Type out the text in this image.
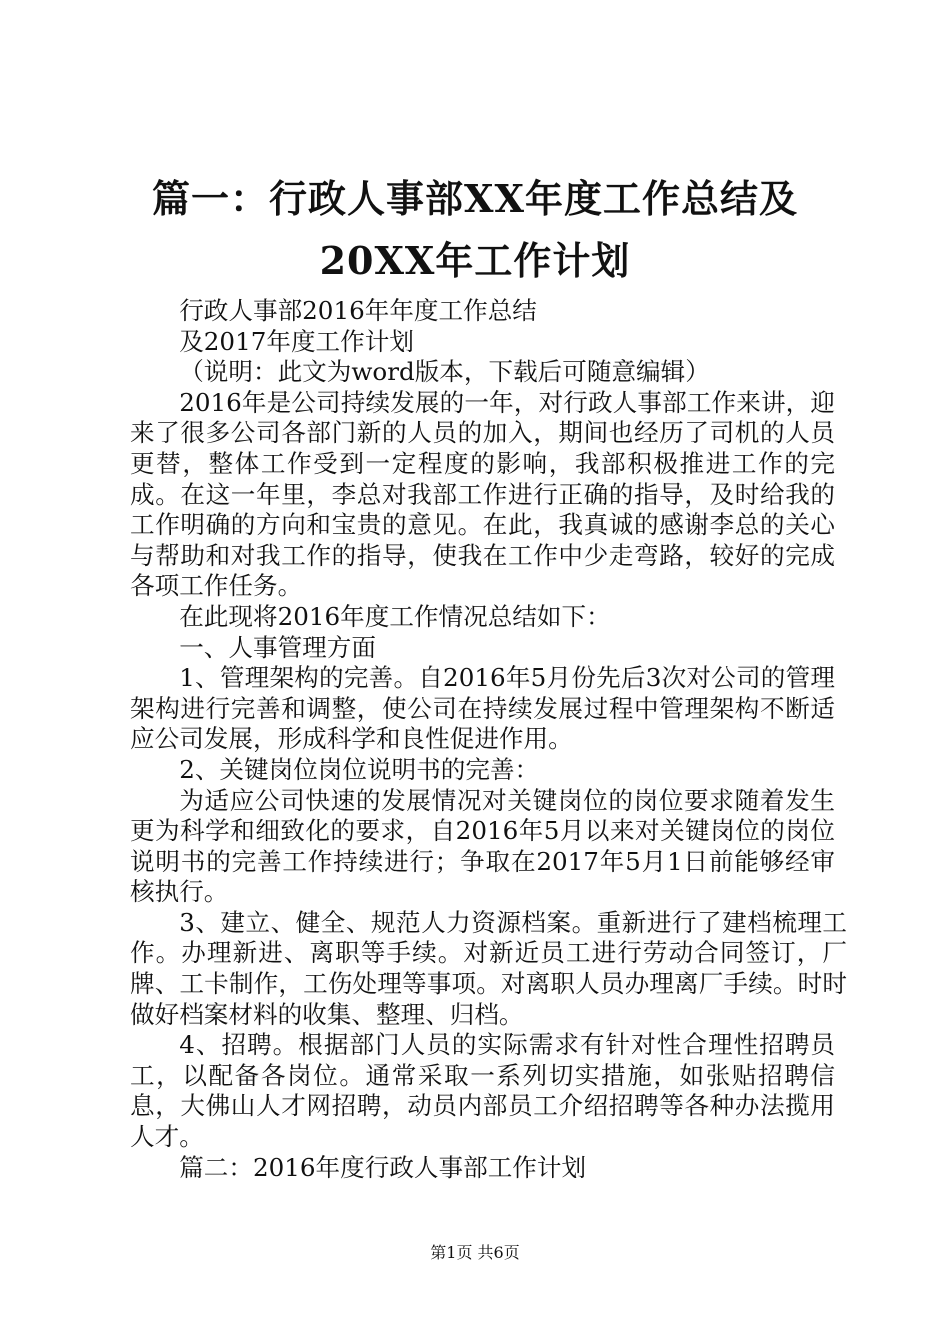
篇一：行政人事部XX年度工作总结及20XX年工作计划

行政人事部2016年年度工作总结

及2017年度工作计划

（说明：此文为word版本，下载后可随意编辑）

2016年是公司持续发展的一年，对行政人事部工作来讲，迎来了很多公司各部门新的人员的加入，期间也经历了司机的人员更替，整体工作受到一定程度的影响，我部积极推进工作的完成。在这一年里，李总对我部工作进行正确的指导，及时给我的工作明确的方向和宝贵的意见。在此，我真诚的感谢李总的关心与帮助和对我工作的指导，使我在工作中少走弯路，较好的完成各项工作任务。

在此现将2016年度工作情况总结如下：

一、人事管理方面

1、管理架构的完善。自2016年5月份先后3次对公司的管理架构进行完善和调整，使公司在持续发展过程中管理架构不断适应公司发展，形成科学和良性促进作用。

2、关键岗位岗位说明书的完善：

为适应公司快速的发展情况对关键岗位的岗位要求随着发生更为科学和细致化的要求，自2016年5月以来对关键岗位的岗位说明书的完善工作持续进行；争取在2017年5月1日前能够经审核执行。

3、建立、健全、规范人力资源档案。重新进行了建档梳理工作。办理新进、离职等手续。对新近员工进行劳动合同签订，厂牌、工卡制作，工伤处理等事项。对离职人员办理离厂手续。时时做好档案材料的收集、整理、归档。

4、招聘。根据部门人员的实际需求有针对性合理性招聘员工，以配备各岗位。通常采取一系列切实措施，如张贴招聘信息，大佛山人才网招聘，动员内部员工介绍招聘等各种办法揽用人才。

篇二：2016年度行政人事部工作计划

第1页 共6页
